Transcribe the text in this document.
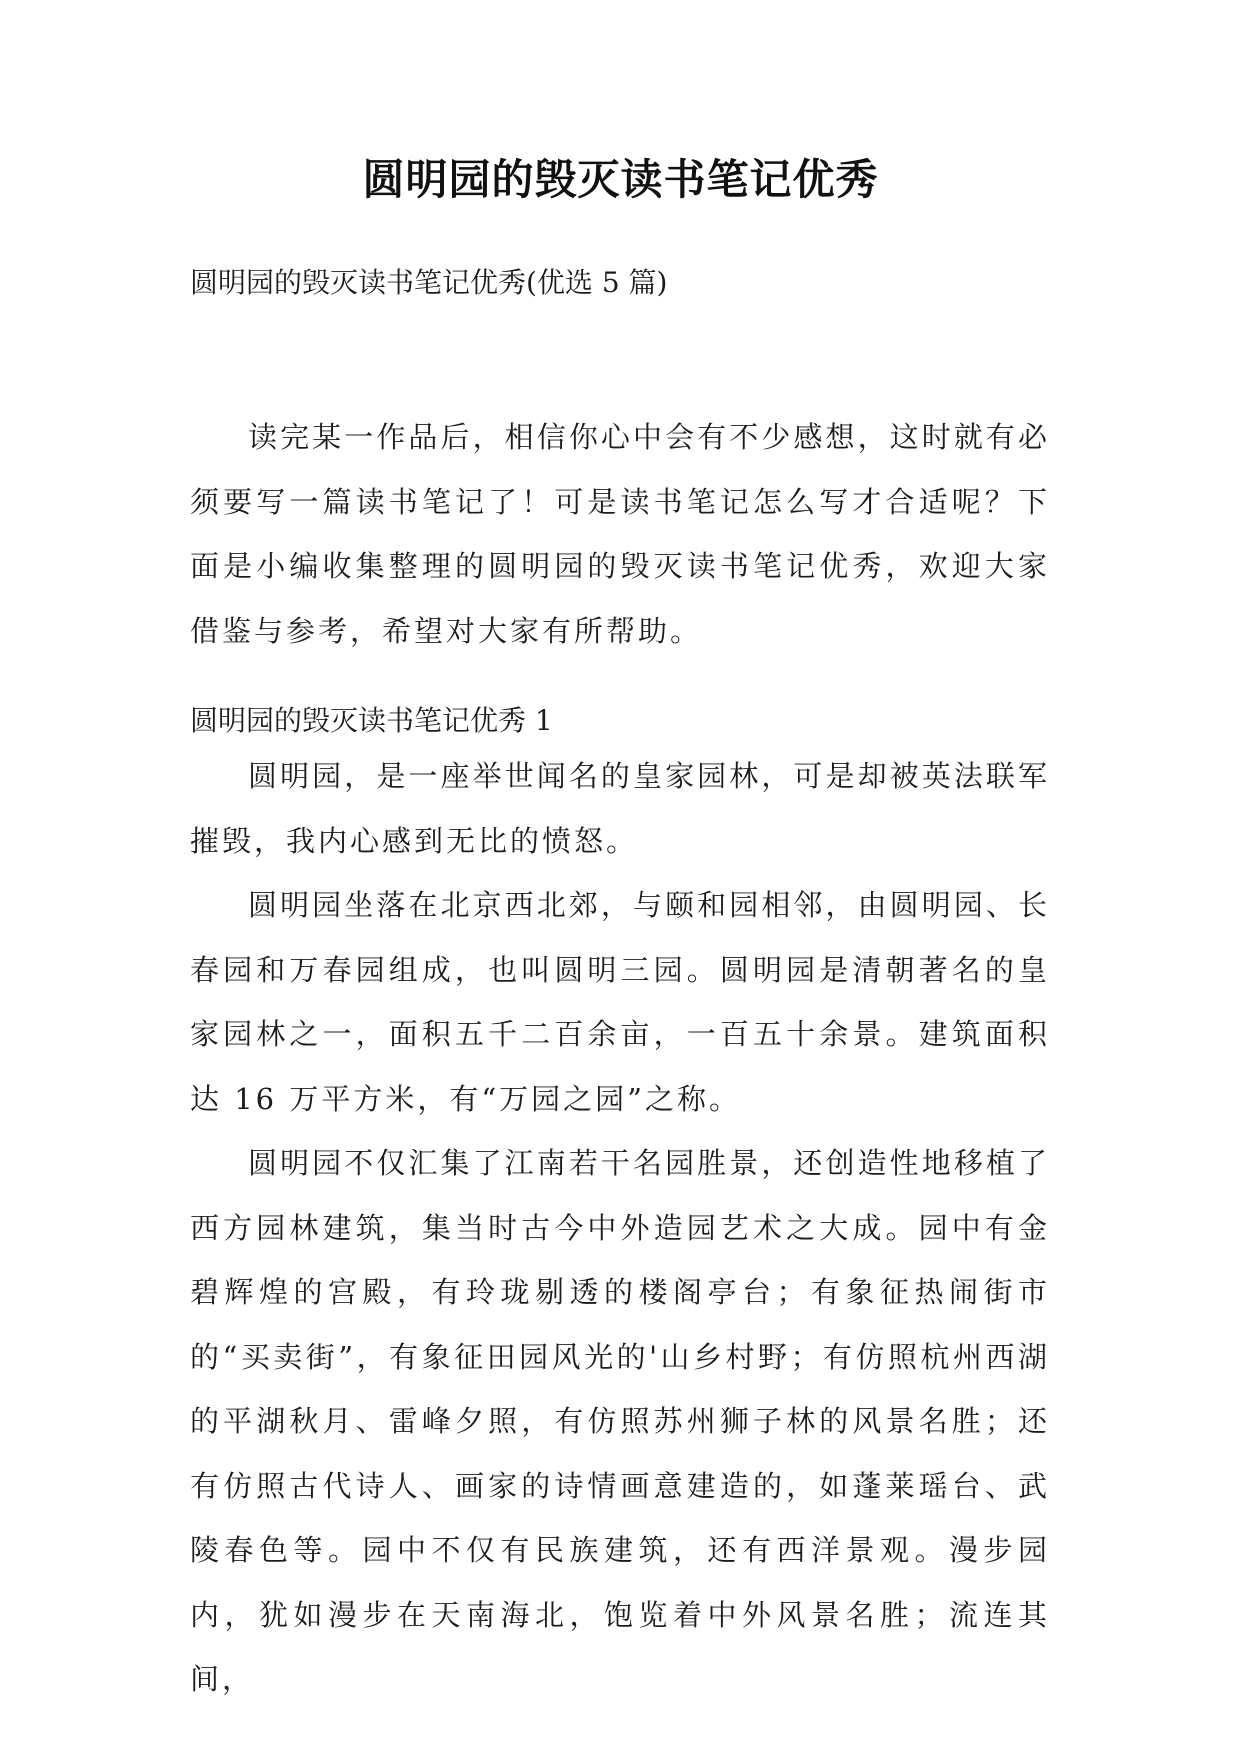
圆明园的毁灭读书笔记优秀
圆明园的毁灭读书笔记优秀(优选 5 篇)

读完某一作品后，相信你心中会有不少感想，这时就有必须要写一篇读书笔记了！可是读书笔记怎么写才合适呢？下面是小编收集整理的圆明园的毁灭读书笔记优秀，欢迎大家借鉴与参考，希望对大家有所帮助。

圆明园的毁灭读书笔记优秀 1

圆明园，是一座举世闻名的皇家园林，可是却被英法联军摧毁，我内心感到无比的愤怒。

圆明园坐落在北京西北郊，与颐和园相邻，由圆明园、长春园和万春园组成，也叫圆明三园。圆明园是清朝著名的皇家园林之一，面积五千二百余亩，一百五十余景。建筑面积达 16 万平方米，有“万园之园”之称。

圆明园不仅汇集了江南若干名园胜景，还创造性地移植了西方园林建筑，集当时古今中外造园艺术之大成。园中有金碧辉煌的宫殿，有玲珑剔透的楼阁亭台；有象征热闹街市的“买卖街”，有象征田园风光的'山乡村野；有仿照杭州西湖的平湖秋月、雷峰夕照，有仿照苏州狮子林的风景名胜；还有仿照古代诗人、画家的诗情画意建造的，如蓬莱瑶台、武陵春色等。园中不仅有民族建筑，还有西洋景观。漫步园内，犹如漫步在天南海北，饱览着中外风景名胜；流连其间，
